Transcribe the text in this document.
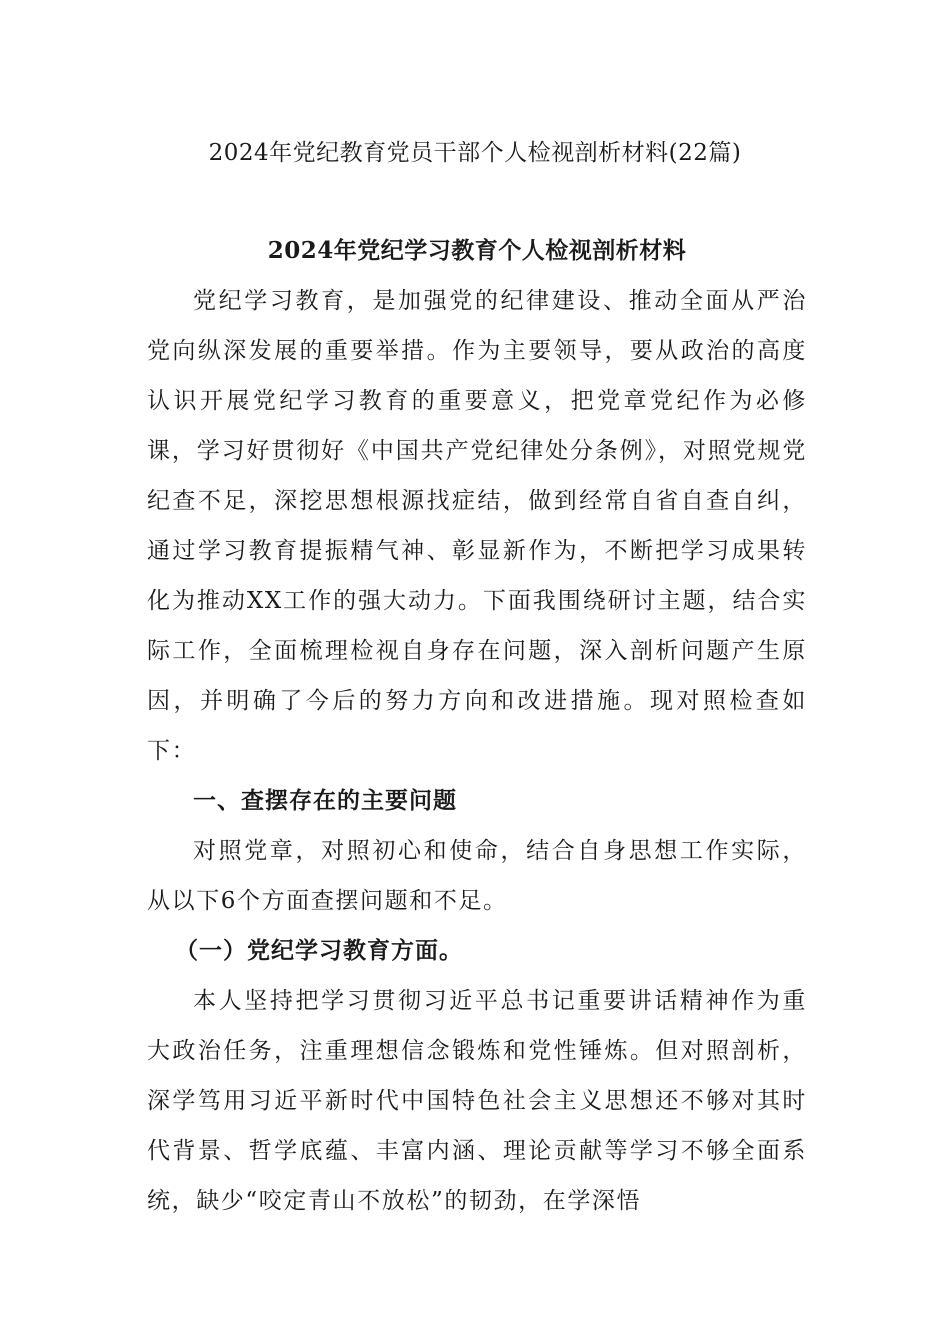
2024年党纪教育党员干部个人检视剖析材料(22篇)
2024年党纪学习教育个人检视剖析材料

党纪学习教育，是加强党的纪律建设、推动全面从严治党向纵深发展的重要举措。作为主要领导，要从政治的高度认识开展党纪学习教育的重要意义，把党章党纪作为必修课，学习好贯彻好《中国共产党纪律处分条例》，对照党规党纪查不足，深挖思想根源找症结，做到经常自省自查自纠，通过学习教育提振精气神、彰显新作为，不断把学习成果转化为推动XX工作的强大动力。下面我围绕研讨主题，结合实际工作，全面梳理检视自身存在问题，深入剖析问题产生原因，并明确了今后的努力方向和改进措施。现对照检查如下：

一、查摆存在的主要问题

对照党章，对照初心和使命，结合自身思想工作实际，从以下6个方面查摆问题和不足。

（一）党纪学习教育方面。

本人坚持把学习贯彻习近平总书记重要讲话精神作为重大政治任务，注重理想信念锻炼和党性锤炼。但对照剖析，深学笃用习近平新时代中国特色社会主义思想还不够对其时代背景、哲学底蕴、丰富内涵、理论贡献等学习不够全面系统，缺少“咬定青山不放松”的韧劲，在学深悟
